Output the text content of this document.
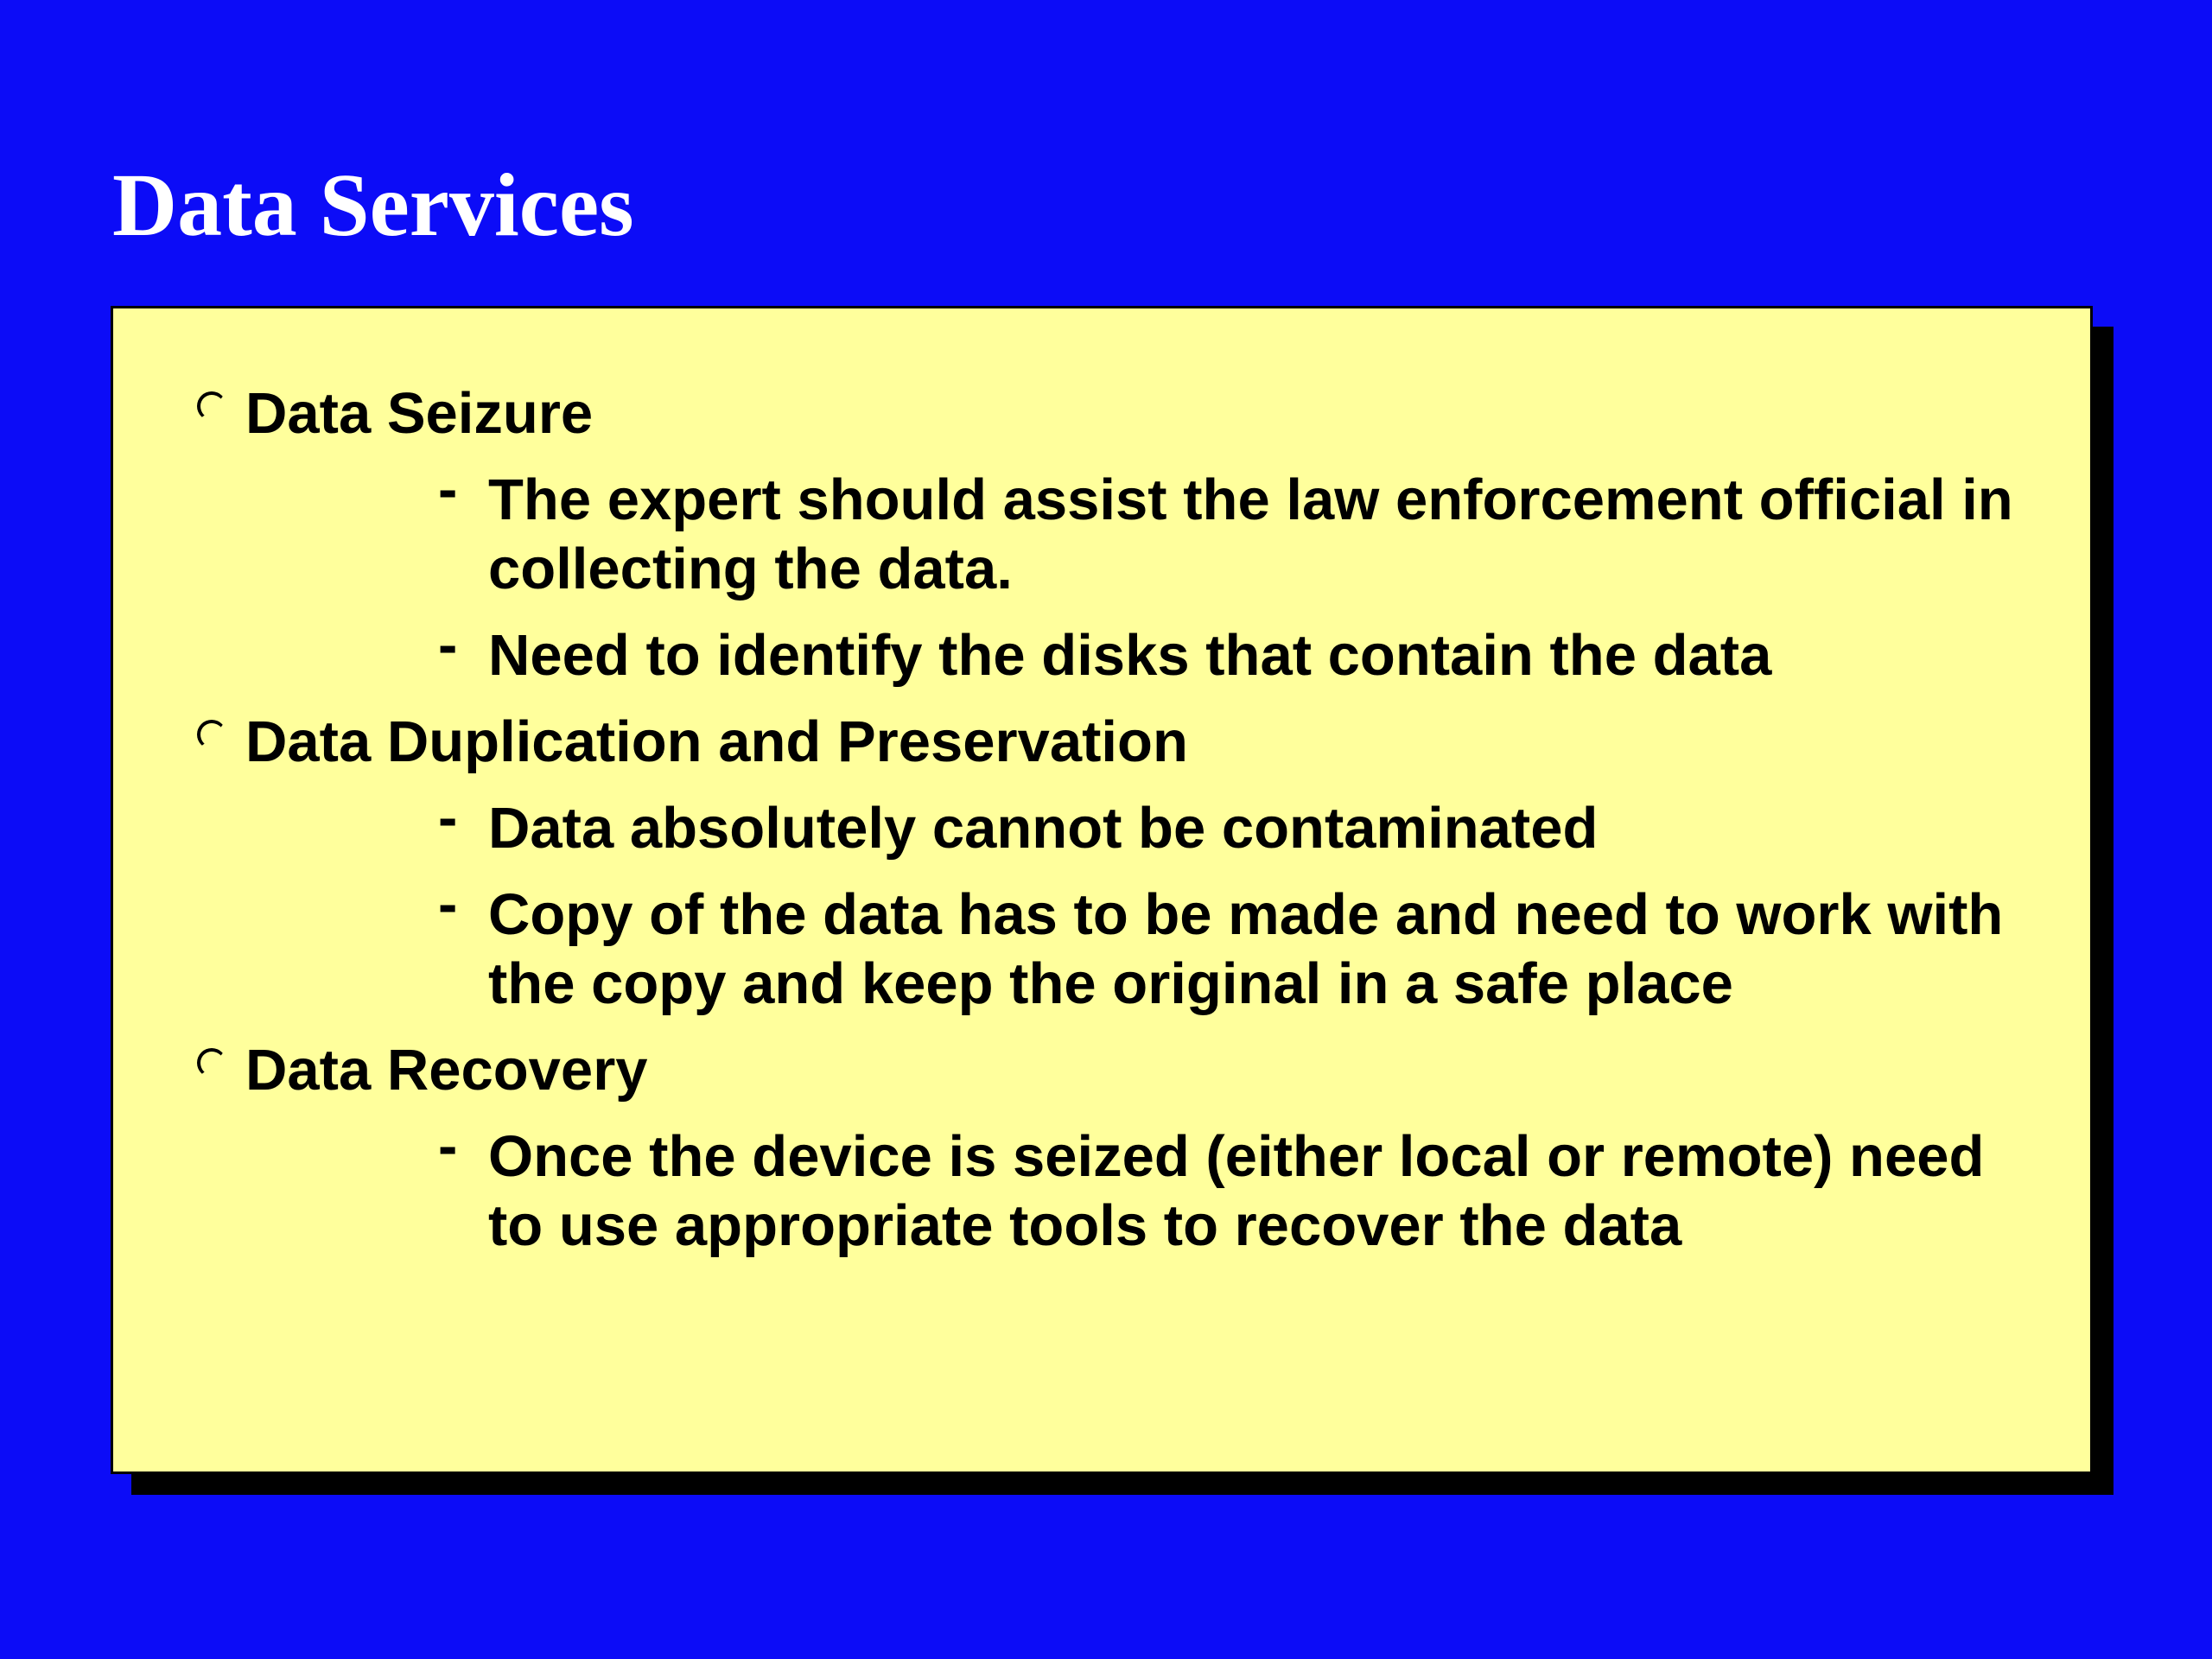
Data Services
Data Seizure
- The expert should assist the law enforcement official in collecting the data.
- Need to identify the disks that contain the data
Data Duplication and Preservation
- Data absolutely cannot be contaminated
- Copy of the data has to be made and need to work with the copy and keep the original in a safe place
Data Recovery
- Once the device is seized (either local or remote) need to use appropriate tools to recover the data
